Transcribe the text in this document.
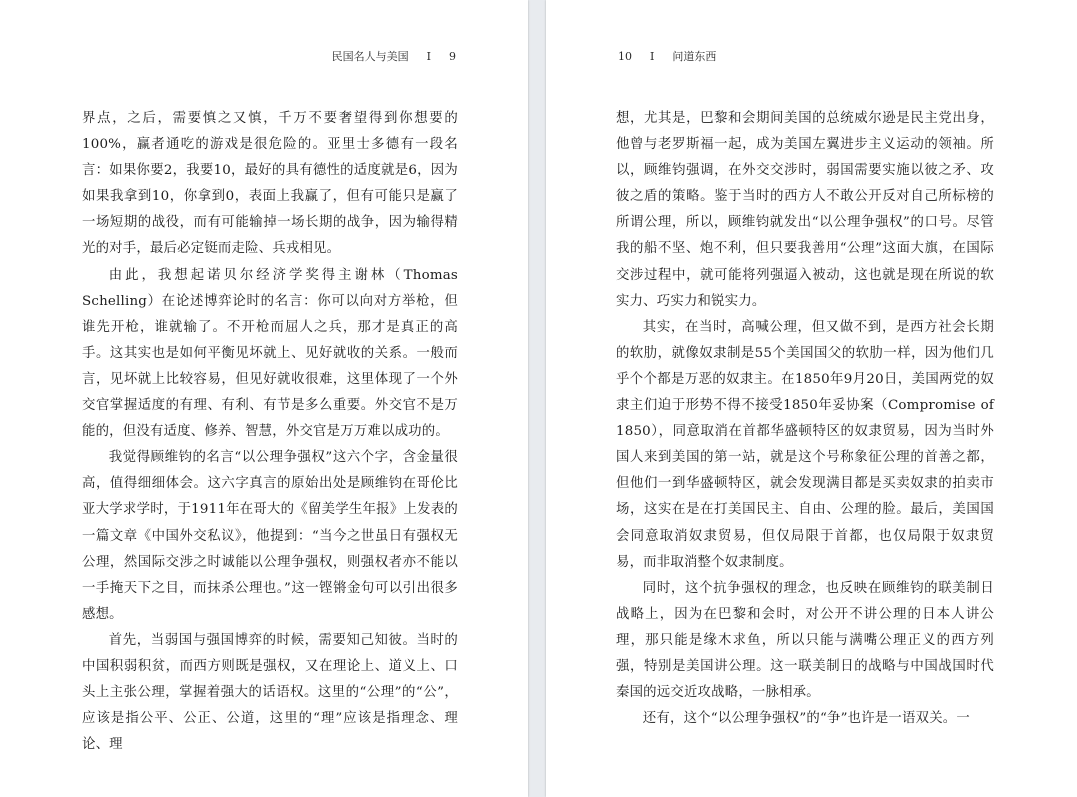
民国名人与美国 I 9

界点，之后，需要慎之又慎，千万不要奢望得到你想要的100%，赢者通吃的游戏是很危险的。亚里士多德有一段名言：如果你要2，我要10，最好的具有德性的适度就是6，因为如果我拿到10，你拿到0，表面上我赢了，但有可能只是赢了一场短期的战役，而有可能输掉一场长期的战争，因为输得精光的对手，最后必定铤而走险、兵戎相见。

由此，我想起诺贝尔经济学奖得主谢林（Thomas Schelling）在论述博弈论时的名言：你可以向对方举枪，但谁先开枪，谁就输了。不开枪而屈人之兵，那才是真正的高手。这其实也是如何平衡见坏就上、见好就收的关系。一般而言，见坏就上比较容易，但见好就收很难，这里体现了一个外交官掌握适度的有理、有利、有节是多么重要。外交官不是万能的，但没有适度、修养、智慧，外交官是万万难以成功的。

我觉得顾维钧的名言“以公理争强权”这六个字，含金量很高，值得细细体会。这六字真言的原始出处是顾维钧在哥伦比亚大学求学时，于1911年在哥大的《留美学生年报》上发表的一篇文章《中国外交私议》，他提到：“当今之世虽日有强权无公理，然国际交涉之时诚能以公理争强权，则强权者亦不能以一手掩天下之目，而抹杀公理也。”这一铿锵金句可以引出很多感想。

首先，当弱国与强国博弈的时候，需要知己知彼。当时的中国积弱积贫，而西方则既是强权，又在理论上、道义上、口头上主张公理，掌握着强大的话语权。这里的“公理”的“公”，应该是指公平、公正、公道，这里的“理”应该是指理念、理论、理

10 I 问道东西

想，尤其是，巴黎和会期间美国的总统威尔逊是民主党出身，他曾与老罗斯福一起，成为美国左翼进步主义运动的领袖。所以，顾维钧强调，在外交交涉时，弱国需要实施以彼之矛、攻彼之盾的策略。鉴于当时的西方人不敢公开反对自己所标榜的所谓公理，所以，顾维钧就发出“以公理争强权”的口号。尽管我的船不坚、炮不利，但只要我善用“公理”这面大旗，在国际交涉过程中，就可能将列强逼入被动，这也就是现在所说的软实力、巧实力和锐实力。

其实，在当时，高喊公理，但又做不到，是西方社会长期的软肋，就像奴隶制是55个美国国父的软肋一样，因为他们几乎个个都是万恶的奴隶主。在1850年9月20日，美国两党的奴隶主们迫于形势不得不接受1850年妥协案（Compromise of 1850），同意取消在首都华盛顿特区的奴隶贸易，因为当时外国人来到美国的第一站，就是这个号称象征公理的首善之都，但他们一到华盛顿特区，就会发现满目都是买卖奴隶的拍卖市场，这实在是在打美国民主、自由、公理的脸。最后，美国国会同意取消奴隶贸易，但仅局限于首都，也仅局限于奴隶贸易，而非取消整个奴隶制度。

同时，这个抗争强权的理念，也反映在顾维钧的联美制日战略上，因为在巴黎和会时，对公开不讲公理的日本人讲公理，那只能是缘木求鱼，所以只能与满嘴公理正义的西方列强，特别是美国讲公理。这一联美制日的战略与中国战国时代秦国的远交近攻战略，一脉相承。

还有，这个“以公理争强权”的“争”也许是一语双关。一
